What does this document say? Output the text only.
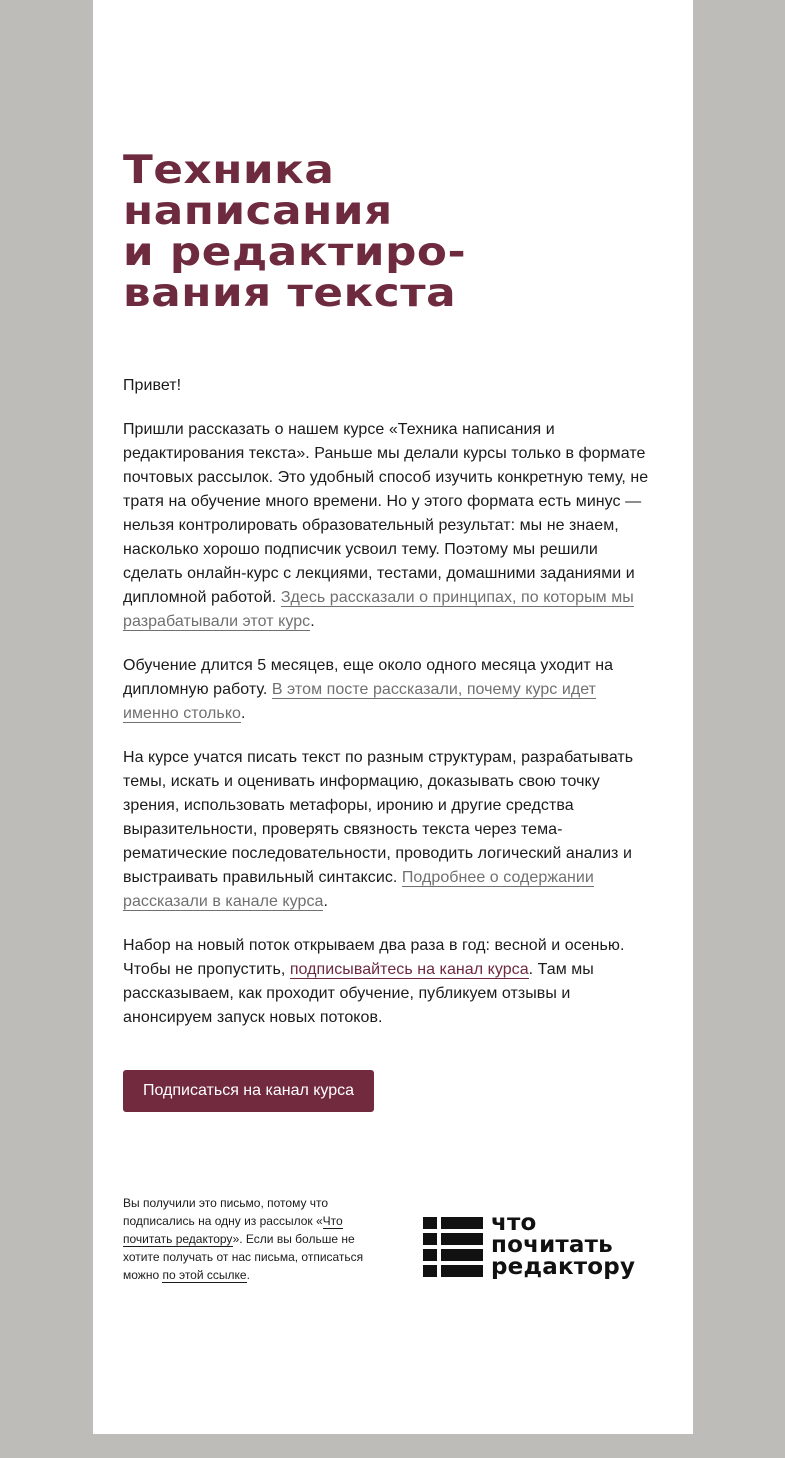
Техника
написания
и редактиро-
вания текста

Привет!

Пришли рассказать о нашем курсе «Техника написания и редактирования текста». Раньше мы делали курсы только в формате почтовых рассылок. Это удобный способ изучить конкретную тему, не тратя на обучение много времени. Но у этого формата есть минус — нельзя контролировать образовательный результат: мы не знаем, насколько хорошо подписчик усвоил тему. Поэтому мы решили сделать онлайн-курс с лекциями, тестами, домашними заданиями и дипломной работой. Здесь рассказали о принципах, по которым мы разрабатывали этот курс.

Обучение длится 5 месяцев, еще около одного месяца уходит на дипломную работу. В этом посте рассказали, почему курс идет именно столько.

На курсе учатся писать текст по разным структурам, разрабатывать темы, искать и оценивать информацию, доказывать свою точку зрения, использовать метафоры, иронию и другие средства выразительности, проверять связность текста через тема-рематические последовательности, проводить логический анализ и выстраивать правильный синтаксис. Подробнее о содержании рассказали в канале курса.

Набор на новый поток открываем два раза в год: весной и осенью. Чтобы не пропустить, подписывайтесь на канал курса. Там мы рассказываем, как проходит обучение, публикуем отзывы и анонсируем запуск новых потоков.

Подписаться на канал курса
Вы получили это письмо, потому что подписались на одну из рассылок «Что почитать редактору». Если вы больше не хотите получать от нас письма, отписаться можно по этой ссылке.
что
почитать
редактору
